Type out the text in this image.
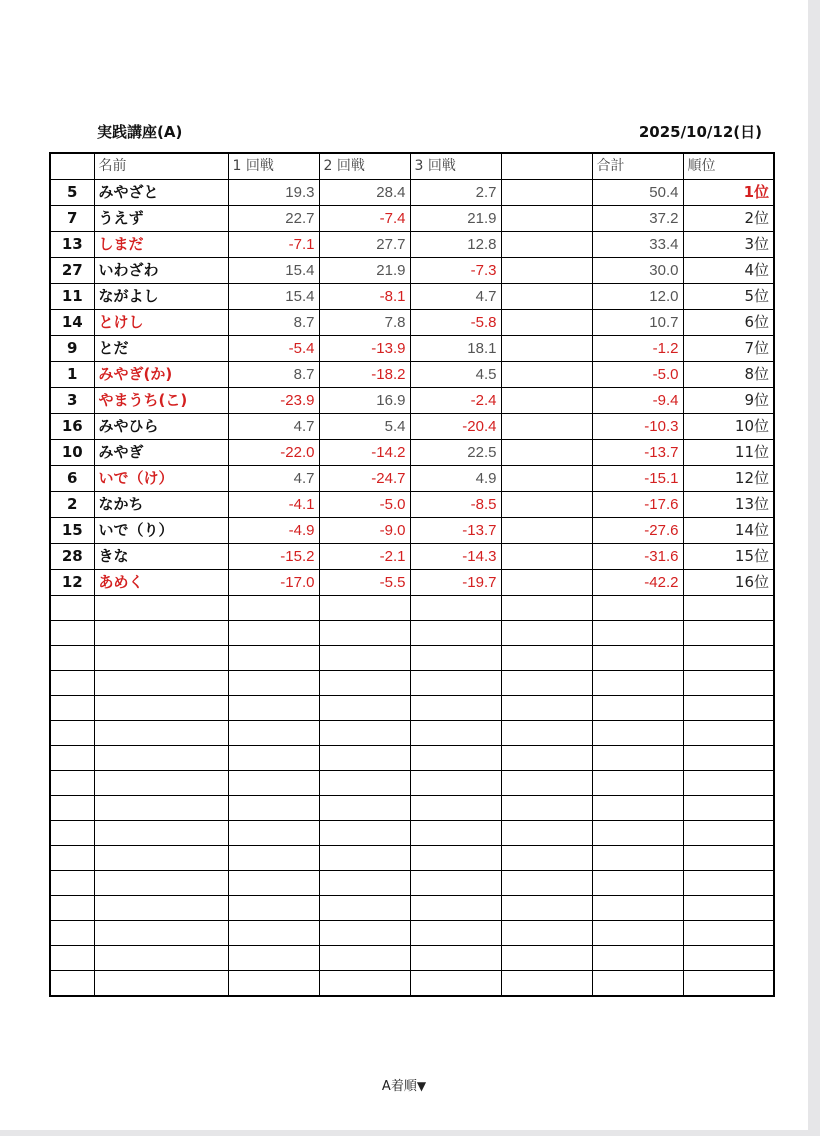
実践講座(A)	2025/10/12(日)
	名前	1 回戦	2 回戦	3 回戦		合計	順位
5	みやざと	19.3	28.4	2.7		50.4	1位
7	うえず	22.7	-7.4	21.9		37.2	2位
13	しまだ	-7.1	27.7	12.8		33.4	3位
27	いわざわ	15.4	21.9	-7.3		30.0	4位
11	ながよし	15.4	-8.1	4.7		12.0	5位
14	とけし	8.7	7.8	-5.8		10.7	6位
9	とだ	-5.4	-13.9	18.1		-1.2	7位
1	みやぎ(か)	8.7	-18.2	4.5		-5.0	8位
3	やまうち(こ)	-23.9	16.9	-2.4		-9.4	9位
16	みやひら	4.7	5.4	-20.4		-10.3	10位
10	みやぎ	-22.0	-14.2	22.5		-13.7	11位
6	いで（け）	4.7	-24.7	4.9		-15.1	12位
2	なかち	-4.1	-5.0	-8.5		-17.6	13位
15	いで（り）	-4.9	-9.0	-13.7		-27.6	14位
28	きな	-15.2	-2.1	-14.3		-31.6	15位
12	あめく	-17.0	-5.5	-19.7		-42.2	16位

A着順▼
